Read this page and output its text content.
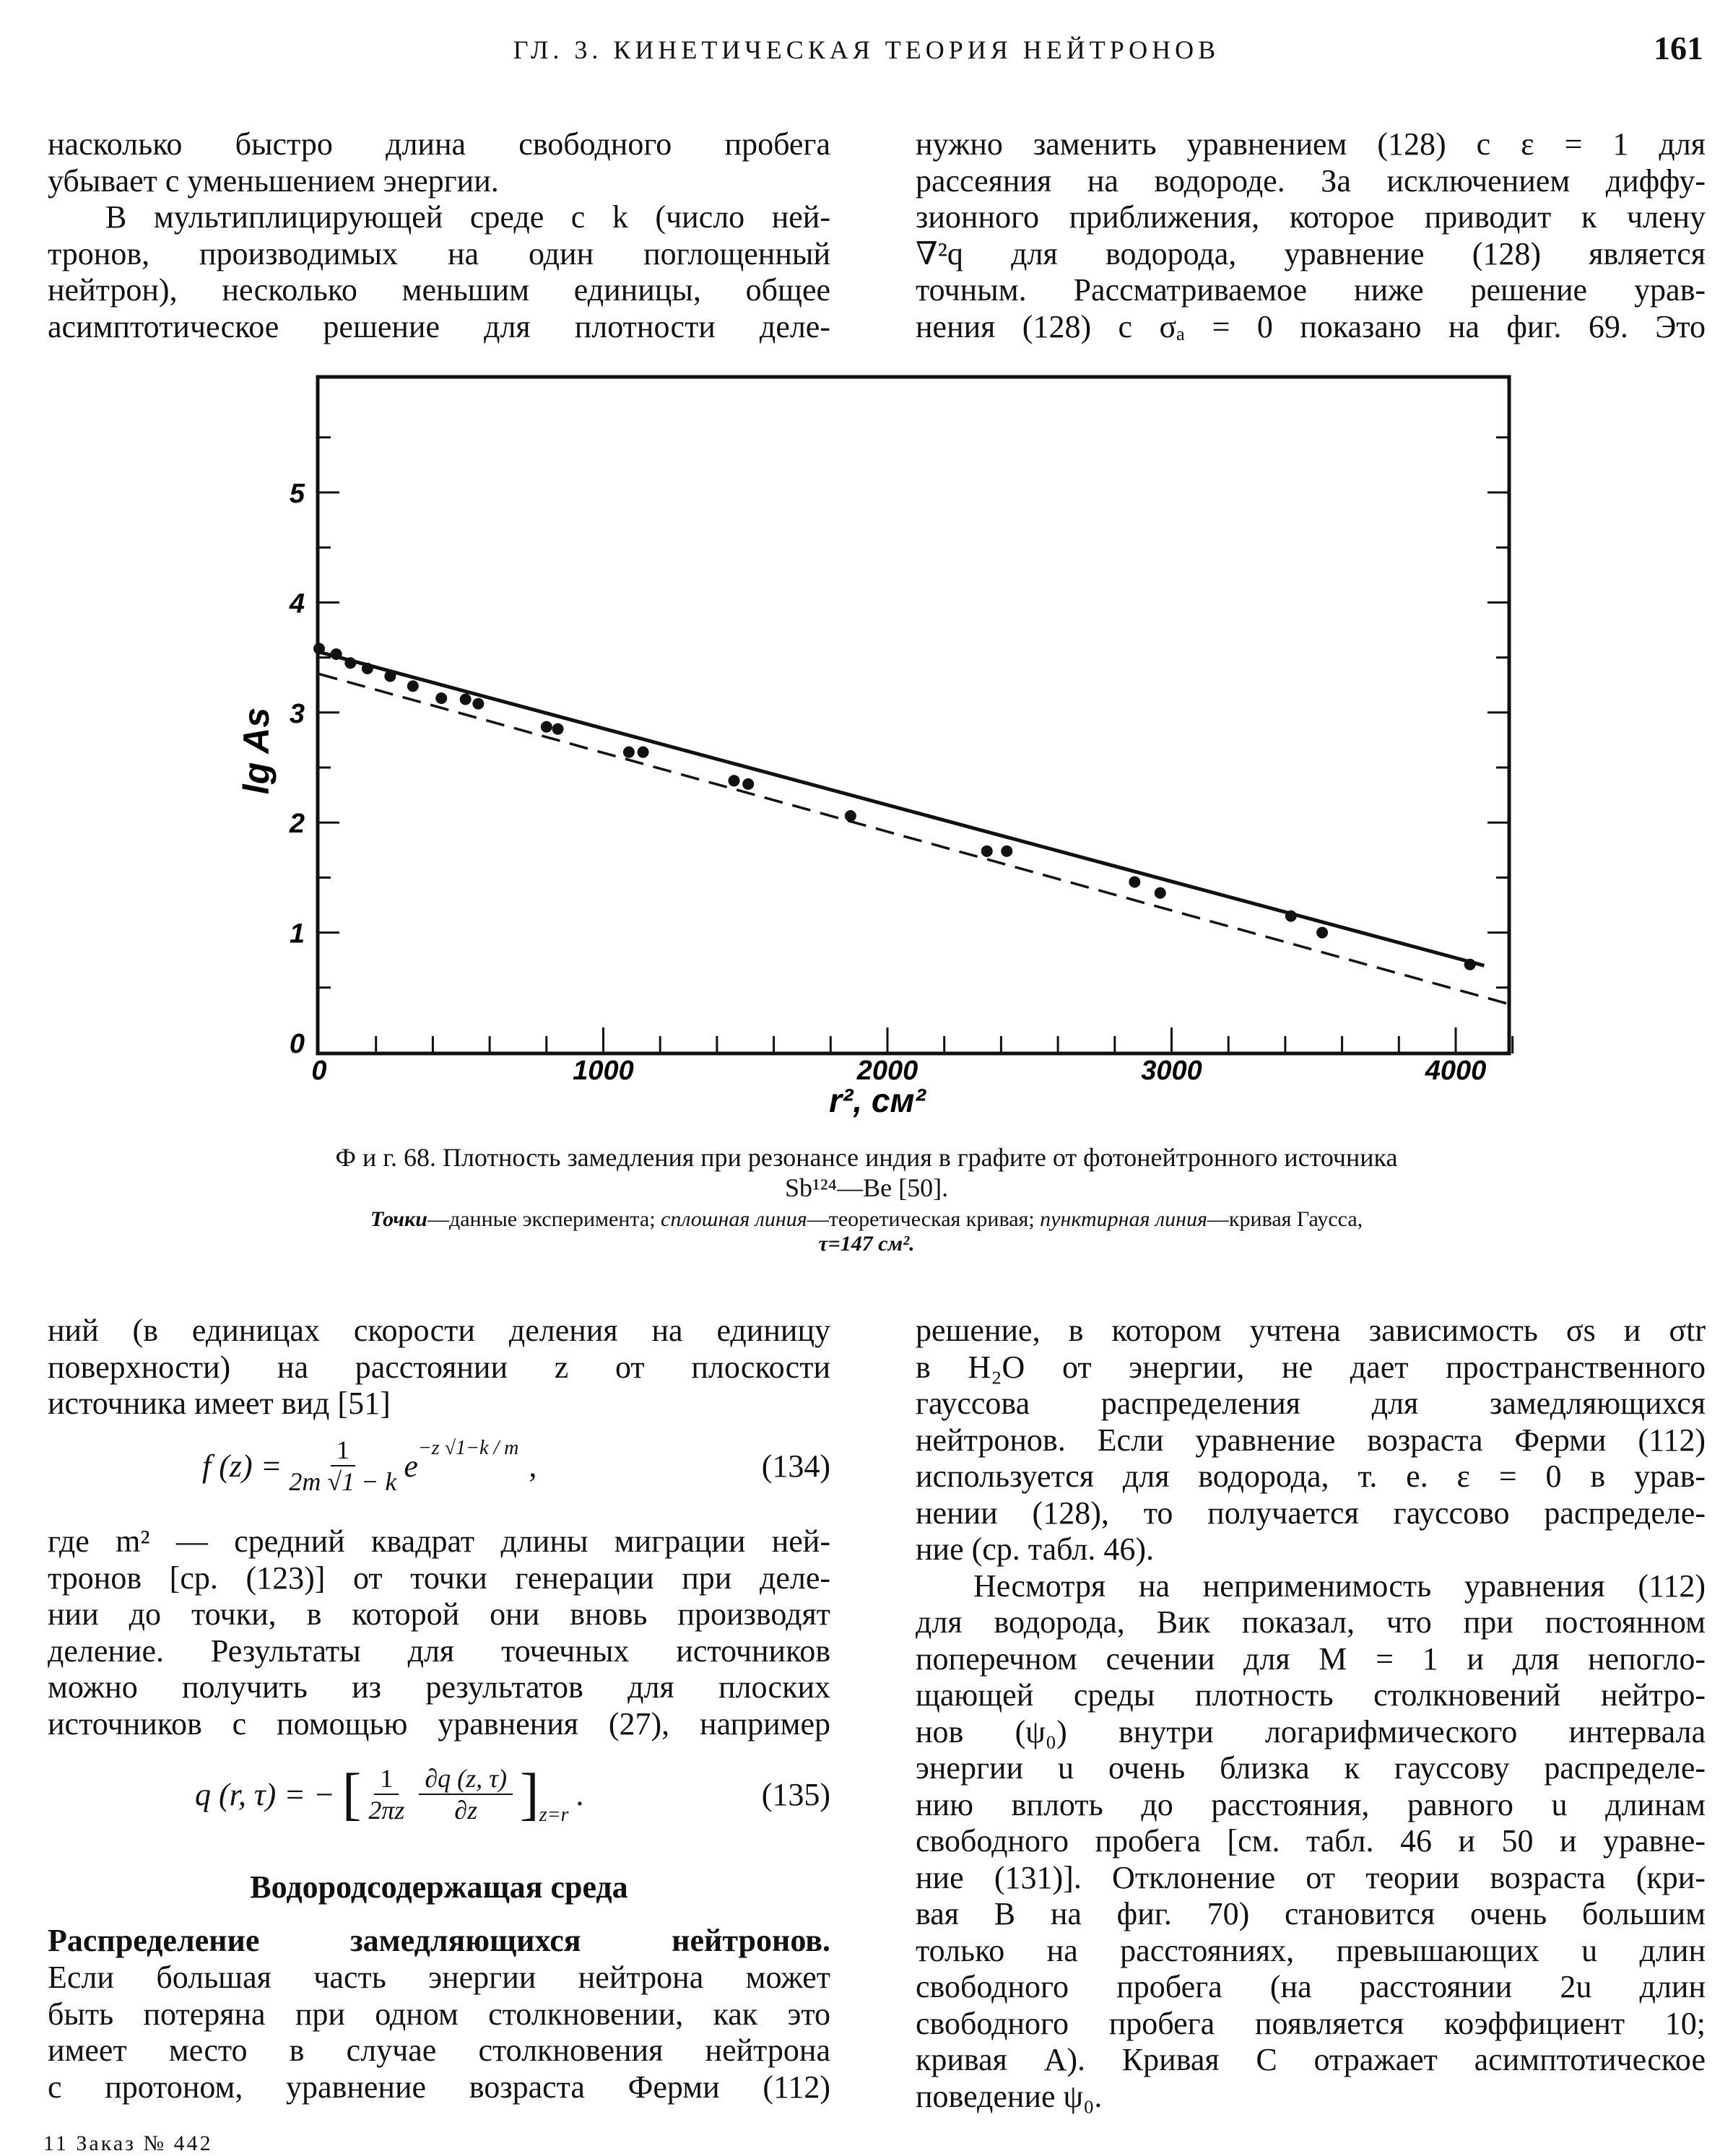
ГЛ. 3. КИНЕТИЧЕСКАЯ ТЕОРИЯ НЕЙТРОНОВ	161
насколько быстро длина свободного пробега
убывает с уменьшением энергии.
В мультиплицирующей среде с k (число ней-
тронов, производимых на один поглощенный
нейтрон), несколько меньшим единицы, общее
асимптотическое решение для плотности деле-
нужно заменить уравнением (128) с ε = 1 для
рассеяния на водороде. За исключением диффу-
зионного приближения, которое приводит к члену
∇²q для водорода, уравнение (128) является
точным. Рассматриваемое ниже решение урав-
нения (128) с σₐ = 0 показано на фиг. 69. Это
0	1000	2000	3000	4000
0
1
2
3
4
5
r², см²
lg As
Ф и г. 68. Плотность замедления при резонансе индия в графите от фотонейтронного источника
Sb¹²⁴—Be [50].
Точки—данные эксперимента; сплошная линия—теоретическая кривая; пунктирная линия—кривая Гаусса,
τ=147 см².
ний (в единицах скорости деления на единицу
поверхности) на расстоянии z от плоскости
источника имеет вид [51]
f $(z) = \frac{1}{2m √1 - k} e^{-z √1-k / m}$ ,	(134)
где m² — средний квадрат длины миграции ней-
тронов [ср. (123)] от точки генерации при деле-
нии до точки, в которой они вновь производят
деление. Результаты для точечных источников
можно получить из результатов для плоских
источников с помощью уравнения (27), например
q (r, τ) = − [ $\frac{1}{2\pi z} \frac{\partial q (z, \tau)}{\partial z} ]_{z=r}$
.	(135)
Водородсодержащая среда
Распределение замедляющихся нейтронов.
Если большая часть энергии нейтрона может
быть потеряна при одном столкновении, как это
имеет место в случае столкновения нейтрона
с протоном, уравнение возраста Ферми (112)
11 Заказ № 442
решение, в котором учтена зависимость σs и σtr
в H₂O от энергии, не дает пространственного
гауссова распределения для замедляющихся
нейтронов. Если уравнение возраста Ферми (112)
используется для водорода, т. е. ε = 0 в урав-
нении (128), то получается гауссово распределе-
ние (ср. табл. 46).
Несмотря на неприменимость уравнения (112)
для водорода, Вик показал, что при постоянном
поперечном сечении для M = 1 и для непогло-
щающей среды плотность столкновений нейтро-
нов (ψ₀) внутри логарифмического интервала
энергии u очень близка к гауссову распределе-
нию вплоть до расстояния, равного u длинам
свободного пробега [см. табл. 46 и 50 и уравне-
ние (131)]. Отклонение от теории возраста (кри-
вая B на фиг. 70) становится очень большим
только на расстояниях, превышающих u длин
свободного пробега (на расстоянии 2u длин
свободного пробега появляется коэффициент 10;
кривая A). Кривая C отражает асимптотическое
поведение ψ₀.
